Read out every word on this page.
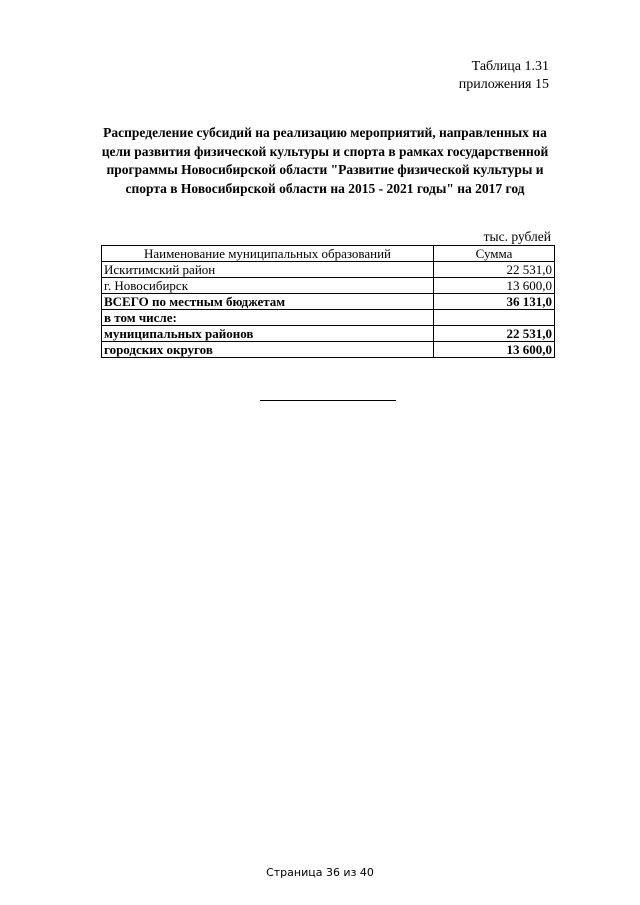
Таблица 1.31
приложения 15
Распределение субсидий на реализацию мероприятий, направленных на
цели развития физической культуры и спорта в рамках государственной
программы Новосибирской области "Развитие физической культуры и
спорта в Новосибирской области на 2015 - 2021 годы" на 2017 год
тыс. рублей
Наименование муниципальных образований	Сумма
Искитимский район	22 531,0
г. Новосибирск	13 600,0
ВСЕГО по местным бюджетам	36 131,0
в том числе:	
муниципальных районов	22 531,0
городских округов	13 600,0
Страница 36 из 40
